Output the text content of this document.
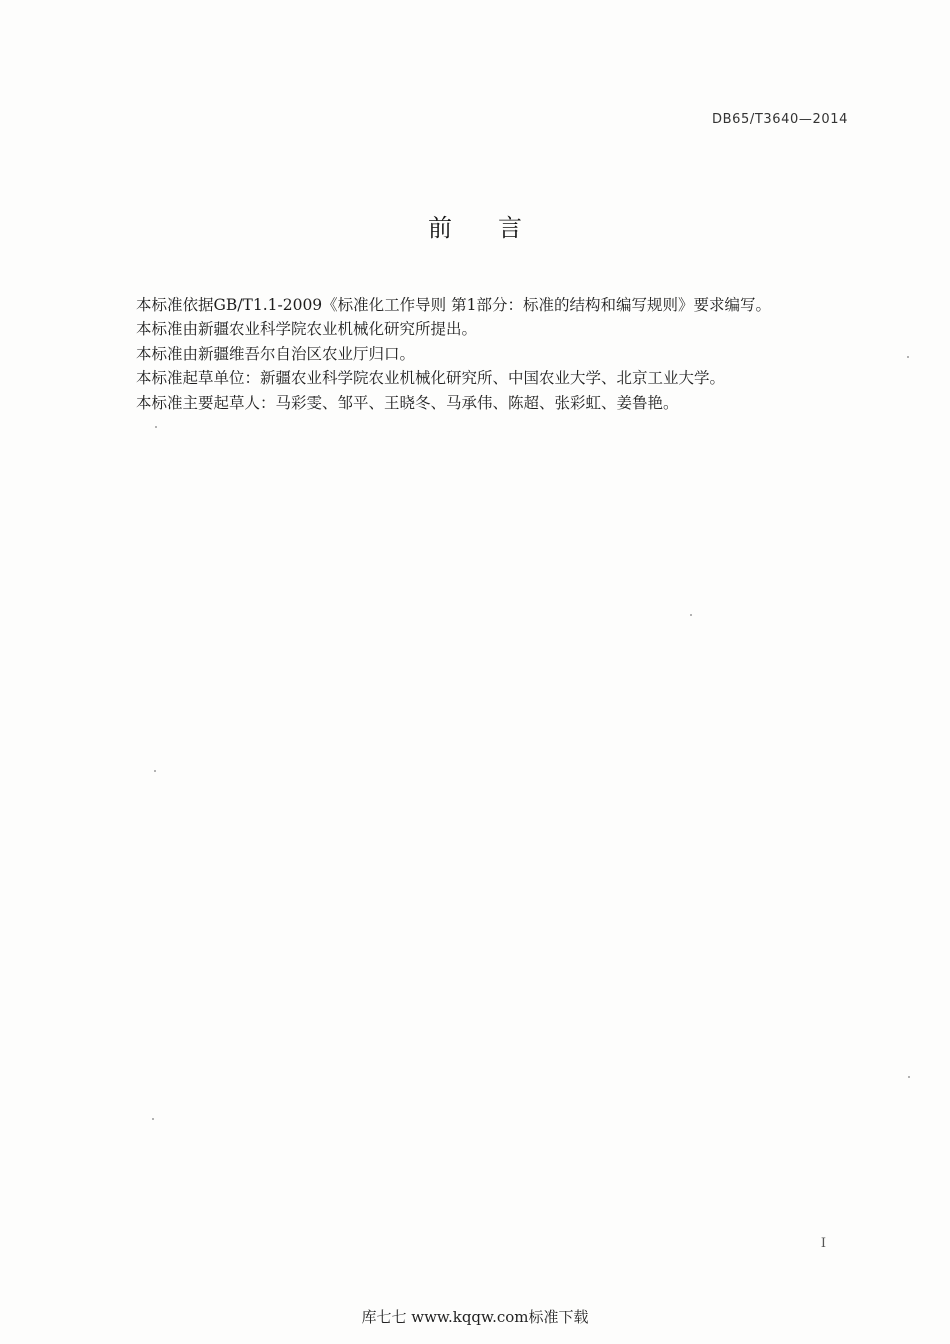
DB65/T3640—2014
前言
本标准依据GB/T1.1-2009《标准化工作导则 第1部分：标准的结构和编写规则》要求编写。
本标准由新疆农业科学院农业机械化研究所提出。
本标准由新疆维吾尔自治区农业厅归口。
本标准起草单位：新疆农业科学院农业机械化研究所、中国农业大学、北京工业大学。
本标准主要起草人：马彩雯、邹平、王晓冬、马承伟、陈超、张彩虹、姜鲁艳。
I
库七七 www.kqqw.com标准下载
